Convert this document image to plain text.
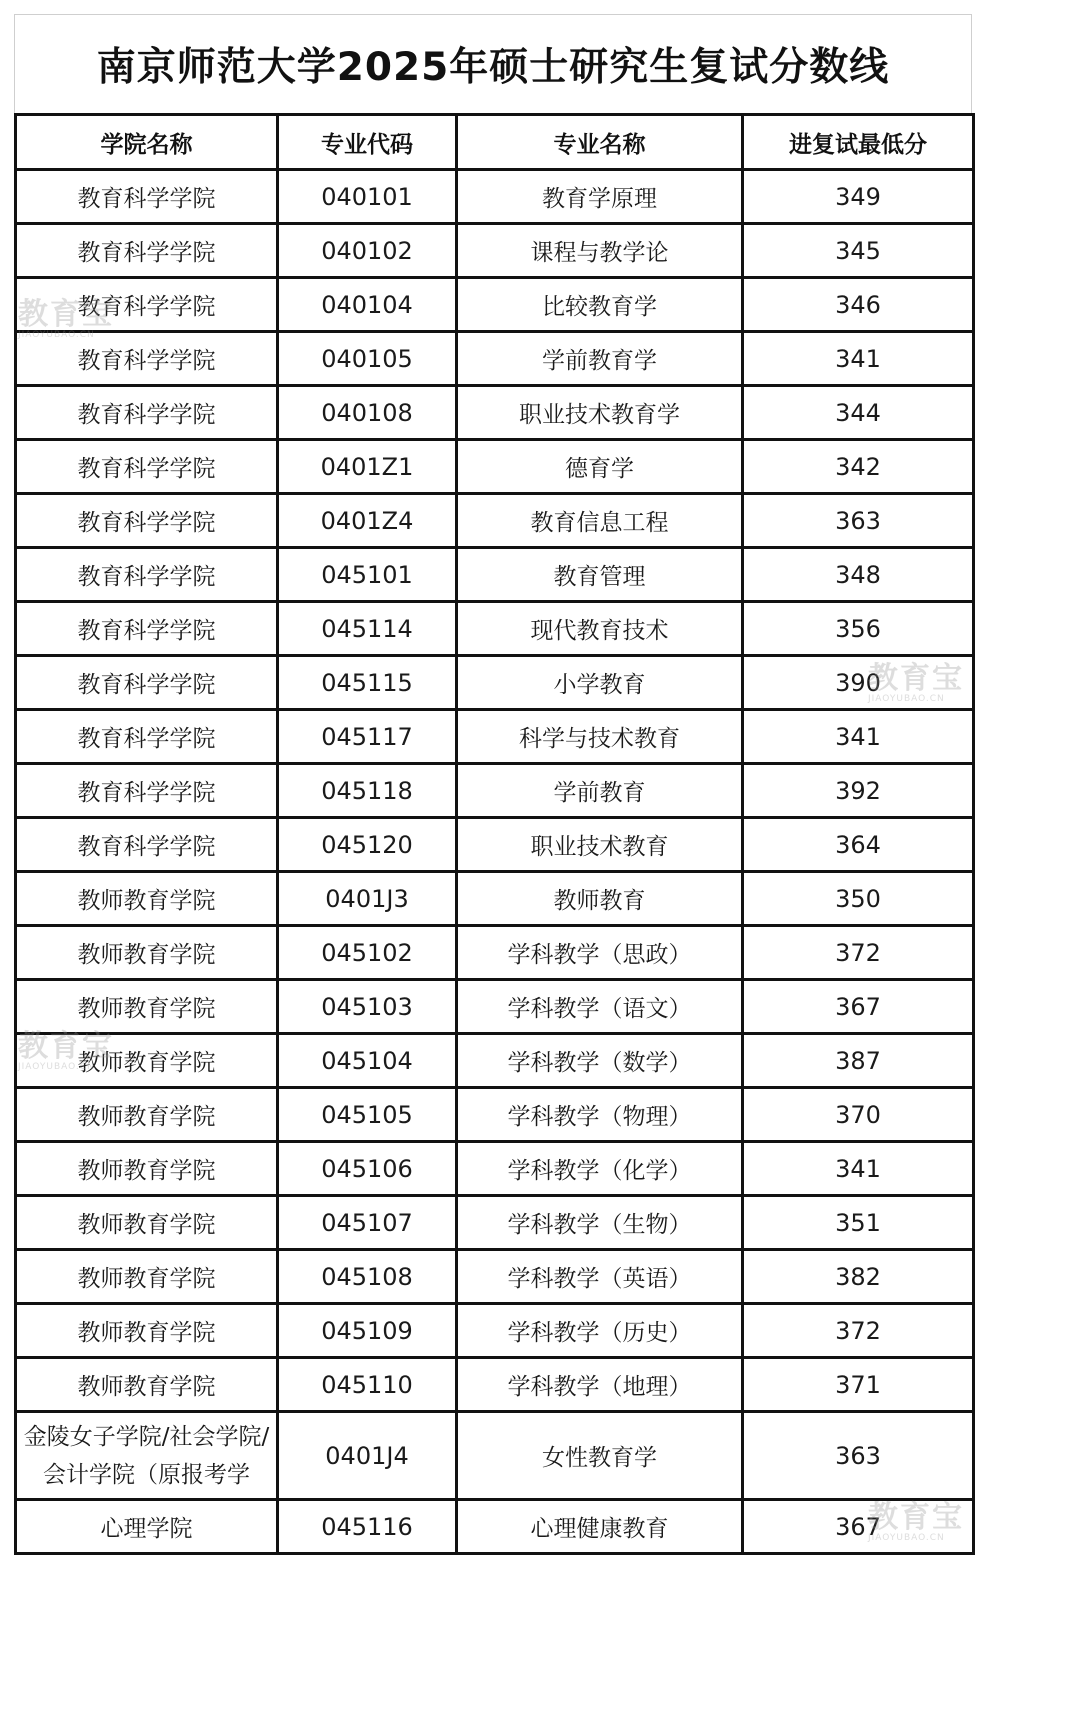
南京师范大学2025年硕士研究生复试分数线
学院名称	专业代码	专业名称	进复试最低分
教育科学学院	040101	教育学原理	349
教育科学学院	040102	课程与教学论	345
教育科学学院	040104	比较教育学	346
教育科学学院	040105	学前教育学	341
教育科学学院	040108	职业技术教育学	344
教育科学学院	0401Z1	德育学	342
教育科学学院	0401Z4	教育信息工程	363
教育科学学院	045101	教育管理	348
教育科学学院	045114	现代教育技术	356
教育科学学院	045115	小学教育	390
教育科学学院	045117	科学与技术教育	341
教育科学学院	045118	学前教育	392
教育科学学院	045120	职业技术教育	364
教师教育学院	0401J3	教师教育	350
教师教育学院	045102	学科教学（思政）	372
教师教育学院	045103	学科教学（语文）	367
教师教育学院	045104	学科教学（数学）	387
教师教育学院	045105	学科教学（物理）	370
教师教育学院	045106	学科教学（化学）	341
教师教育学院	045107	学科教学（生物）	351
教师教育学院	045108	学科教学（英语）	382
教师教育学院	045109	学科教学（历史）	372
教师教育学院	045110	学科教学（地理）	371
金陵女子学院/社会学院/会计学院（原报考学	0401J4	女性教育学	363
心理学院	045116	心理健康教育	367
教育宝
JIAOYUBAO.CN
教育宝
JIAOYUBAO.CN
教育宝
JIAOYUBAO.CN
教育宝
JIAOYUBAO.CN
